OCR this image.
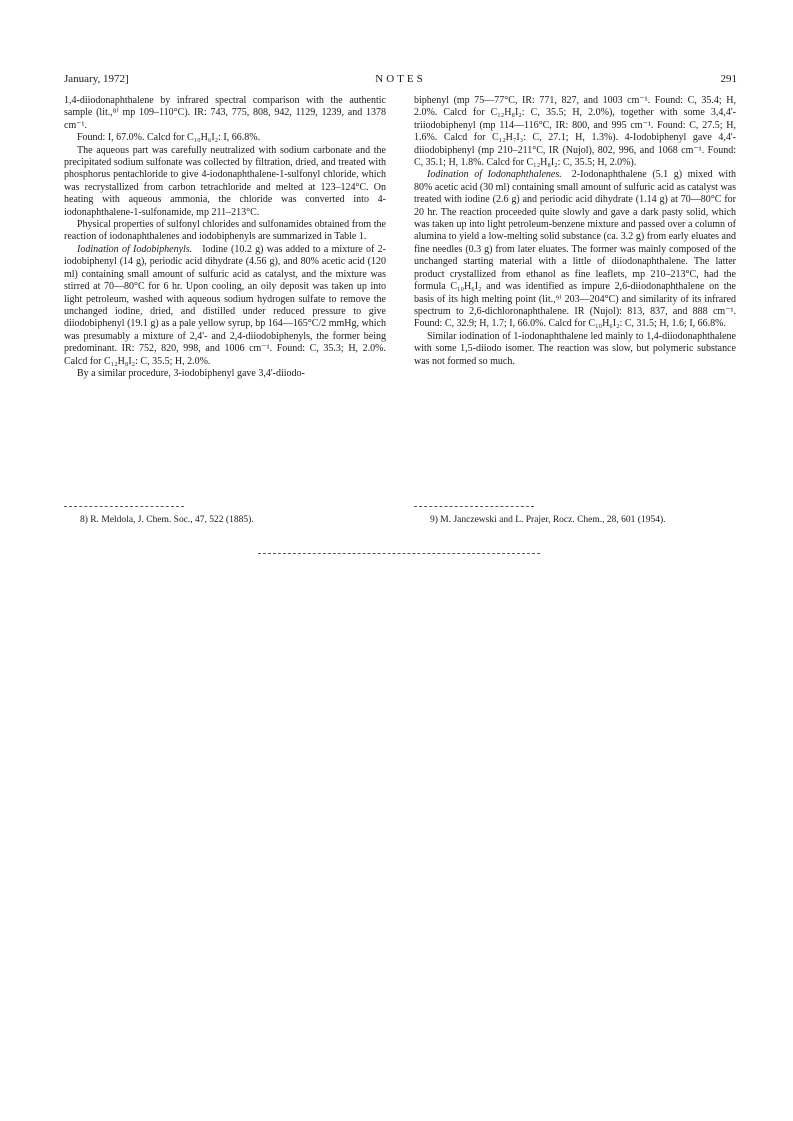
January, 1972]	NOTES	291

1,4-diiodonaphthalene by infrared spectral comparison with the authentic sample (lit.,⁸⁾ mp 109–110°C). IR: 743, 775, 808, 942, 1129, 1239, and 1378 cm⁻¹.

Found: I, 67.0%. Calcd for C₁₀H₆I₂: I, 66.8%.

The aqueous part was carefully neutralized with sodium carbonate and the precipitated sodium sulfonate was collected by filtration, dried, and treated with phosphorus pentachloride to give 4-iodonaphthalene-1-sulfonyl chloride, which was recrystallized from carbon tetrachloride and melted at 123–124°C. On heating with aqueous ammonia, the chloride was converted into 4-iodonaphthalene-1-sulfonamide, mp 211–213°C.

Physical properties of sulfonyl chlorides and sulfonamides obtained from the reaction of iodonaphthalenes and iodobiphenyls are summarized in Table 1.

Iodination of Iodobiphenyls.  Iodine (10.2 g) was added to a mixture of 2-iodobiphenyl (14 g), periodic acid dihydrate (4.56 g), and 80% acetic acid (120 ml) containing small amount of sulfuric acid as catalyst, and the mixture was stirred at 70—80°C for 6 hr. Upon cooling, an oily deposit was taken up into light petroleum, washed with aqueous sodium hydrogen sulfate to remove the unchanged iodine, dried, and distilled under reduced pressure to give diiodobiphenyl (19.1 g) as a pale yellow syrup, bp 164—165°C/2 mmHg, which was presumably a mixture of 2,4'- and 2,4-diiodobiphenyls, the former being predominant. IR: 752, 820, 998, and 1006 cm⁻¹. Found: C, 35.3; H, 2.0%. Calcd for C₁₂H₈I₂: C, 35.5; H, 2.0%.

By a similar procedure, 3-iodobiphenyl gave 3,4'-diiodo-

biphenyl (mp 75—77°C, IR: 771, 827, and 1003 cm⁻¹. Found: C, 35.4; H, 2.0%. Calcd for C₁₂H₈I₂: C, 35.5; H, 2.0%), together with some 3,4,4'-triiodobiphenyl (mp 114—116°C, IR: 800, and 995 cm⁻¹. Found: C, 27.5; H, 1.6%. Calcd for C₁₂H₇I₃: C, 27.1; H, 1.3%). 4-Iodobiphenyl gave 4,4'-diiodobiphenyl (mp 210–211°C, IR (Nujol), 802, 996, and 1068 cm⁻¹. Found: C, 35.1; H, 1.8%. Calcd for C₁₂H₈I₂: C, 35.5; H, 2.0%).

Iodination of Iodonaphthalenes.  2-Iodonaphthalene (5.1 g) mixed with 80% acetic acid (30 ml) containing small amount of sulfuric acid as catalyst was treated with iodine (2.6 g) and periodic acid dihydrate (1.14 g) at 70—80°C for 20 hr. The reaction proceeded quite slowly and gave a dark pasty solid, which was taken up into light petroleum-benzene mixture and passed over a column of alumina to yield a low-melting solid substance (ca. 3.2 g) from early eluates and fine needles (0.3 g) from later eluates. The former was mainly composed of the unchanged starting material with a little of diiodonaphthalene. The latter product crystallized from ethanol as fine leaflets, mp 210–213°C, had the formula C₁₀H₆I₂ and was identified as impure 2,6-diiodonaphthalene on the basis of its high melting point (lit.,⁹⁾ 203—204°C) and similarity of its infrared spectrum to 2,6-dichloronaphthalene. IR (Nujol): 813, 837, and 888 cm⁻¹. Found: C, 32.9; H, 1.7; I, 66.0%. Calcd for C₁₀H₆I₂: C, 31.5; H, 1.6; I, 66.8%.

Similar iodination of 1-iodonaphthalene led mainly to 1,4-diiodonaphthalene with some 1,5-diiodo isomer. The reaction was slow, but polymeric substance was not formed so much.

8) R. Meldola, J. Chem. Soc., 47, 522 (1885).	9) M. Janczewski and L. Prajer, Rocz. Chem., 28, 601 (1954).
